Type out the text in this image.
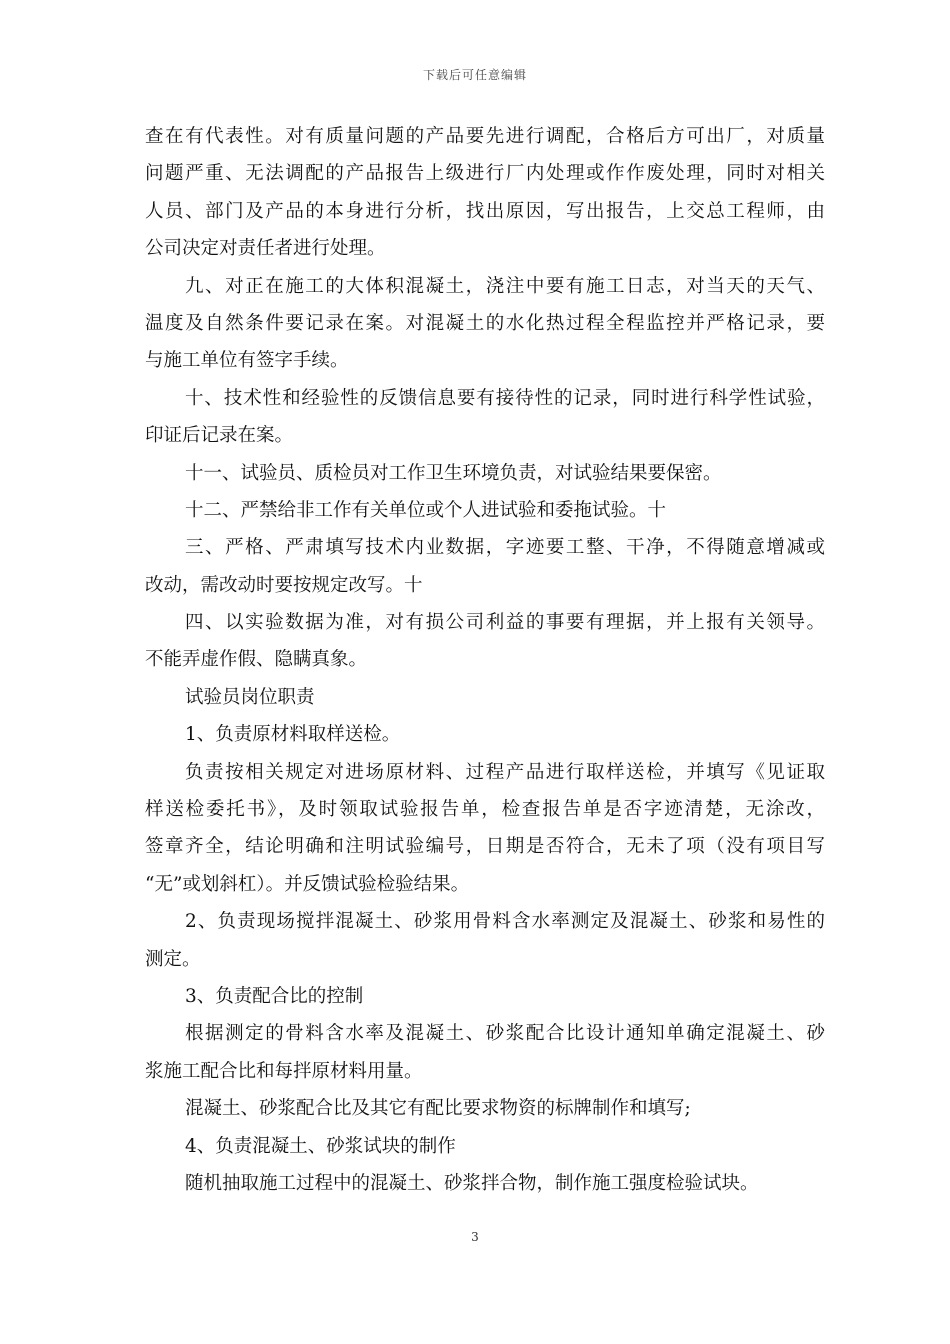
下载后可任意编辑
查在有代表性。对有质量问题的产品要先进行调配，合格后方可出厂，对质量
问题严重、无法调配的产品报告上级进行厂内处理或作作废处理，同时对相关
人员、部门及产品的本身进行分析，找出原因，写出报告，上交总工程师，由
公司决定对责任者进行处理。
九、对正在施工的大体积混凝土，浇注中要有施工日志，对当天的天气、
温度及自然条件要记录在案。对混凝土的水化热过程全程监控并严格记录，要
与施工单位有签字手续。
十、技术性和经验性的反馈信息要有接待性的记录，同时进行科学性试验，
印证后记录在案。
十一、试验员、质检员对工作卫生环境负责，对试验结果要保密。
十二、严禁给非工作有关单位或个人进试验和委拖试验。十
三、严格、严肃填写技术内业数据，字迹要工整、干净，不得随意增减或
改动，需改动时要按规定改写。十
四、以实验数据为准，对有损公司利益的事要有理据，并上报有关领导。
不能弄虚作假、隐瞒真象。
试验员岗位职责
1、负责原材料取样送检。
负责按相关规定对进场原材料、过程产品进行取样送检，并填写《见证取
样送检委托书》，及时领取试验报告单，检查报告单是否字迹清楚，无涂改，
签章齐全，结论明确和注明试验编号，日期是否符合，无未了项（没有项目写
“无”或划斜杠）。并反馈试验检验结果。
2、负责现场搅拌混凝土、砂浆用骨料含水率测定及混凝土、砂浆和易性的
测定。
3、负责配合比的控制
根据测定的骨料含水率及混凝土、砂浆配合比设计通知单确定混凝土、砂
浆施工配合比和每拌原材料用量。
混凝土、砂浆配合比及其它有配比要求物资的标牌制作和填写;
4、负责混凝土、砂浆试块的制作
随机抽取施工过程中的混凝土、砂浆拌合物，制作施工强度检验试块。
3
